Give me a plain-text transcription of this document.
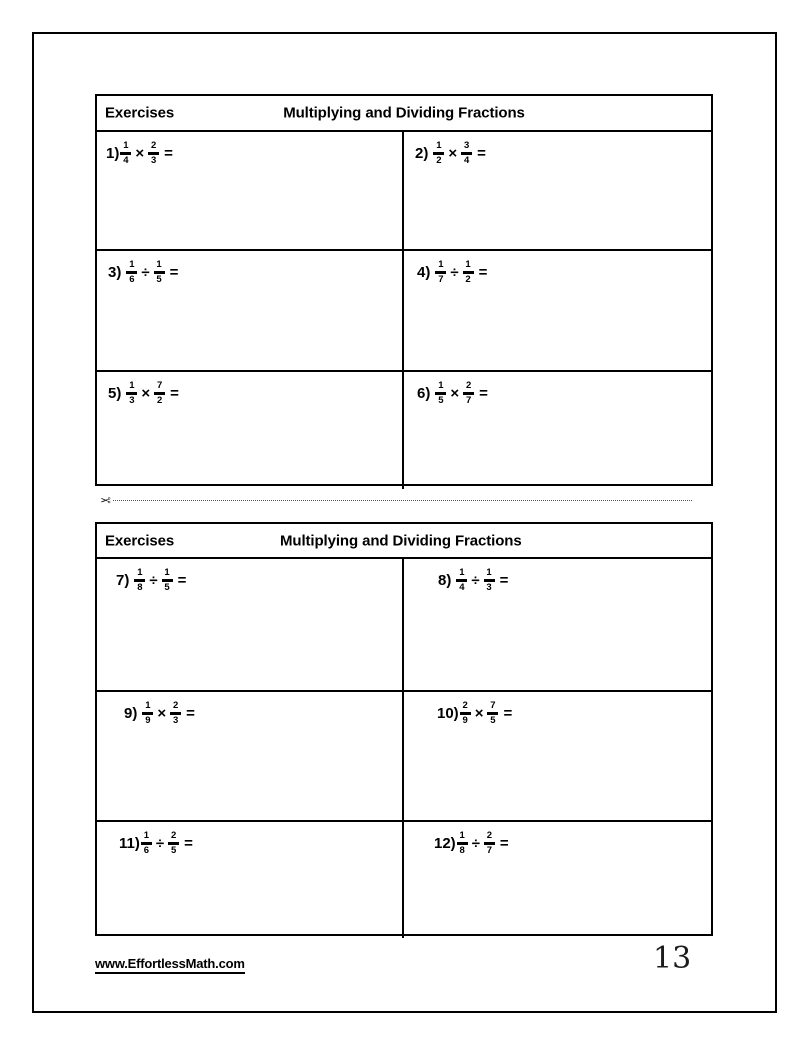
Exercises	Multiplying and Dividing Fractions
$1) \frac{1}{4} \times \frac{2}{3}$ =	$2) \frac{1}{2} \times \frac{3}{4}$ =
$3) \frac{1}{6} \div \frac{1}{5}$ =	$4) \frac{1}{7} \div \frac{1}{2}$ =
$5) \frac{1}{3} \times \frac{7}{2}$ =	$6) \frac{1}{5} \times \frac{2}{7}$ =
✂
Exercises	Multiplying and Dividing Fractions
$7) \frac{1}{8} \div \frac{1}{5}$ =	$8) \frac{1}{4} \div \frac{1}{3}$ =
$9) \frac{1}{9} \times \frac{2}{3}$ =	$10) \frac{2}{9} \times \frac{7}{5}$ =
$11) \frac{1}{6} \div \frac{2}{5}$ =	$12) \frac{1}{8} \div \frac{2}{7}$ =
www.EffortlessMath.com	13
